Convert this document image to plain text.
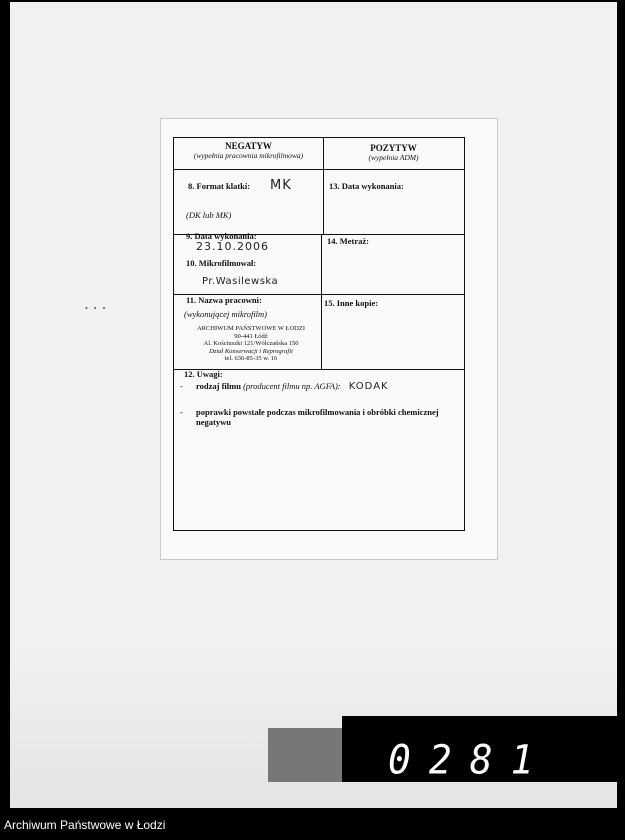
• • •
NEGATYW
(wypełnia pracownia mikrofilmowa)
POZYTYW
(wypełnia ADM)
8. Format klatki: MK
(DK lub MK)
13. Data wykonania:
9. Data wykonania:
23.10.2006	14. Metraż:
10. Mikrofilmował:
Pr.Wasilewska
11. Nazwa pracowni:
(wykonującej mikrofilm)
15. Inne kopie:
ARCHIWUM PAŃSTWOWE W ŁODZI
90-441 Łódź
Al. Kościuszki 121/Wólczańska 150
Dział Konserwacji i Reprografii
tel. 636-85-35 w. 16
12. Uwagi:
- rodzaj filmu (producent filmu np. AGFA): KODAK
- poprawki powstałe podczas mikrofilmowania i obróbki chemicznej negatywu
0281
Archiwum Państwowe w Łodzi
